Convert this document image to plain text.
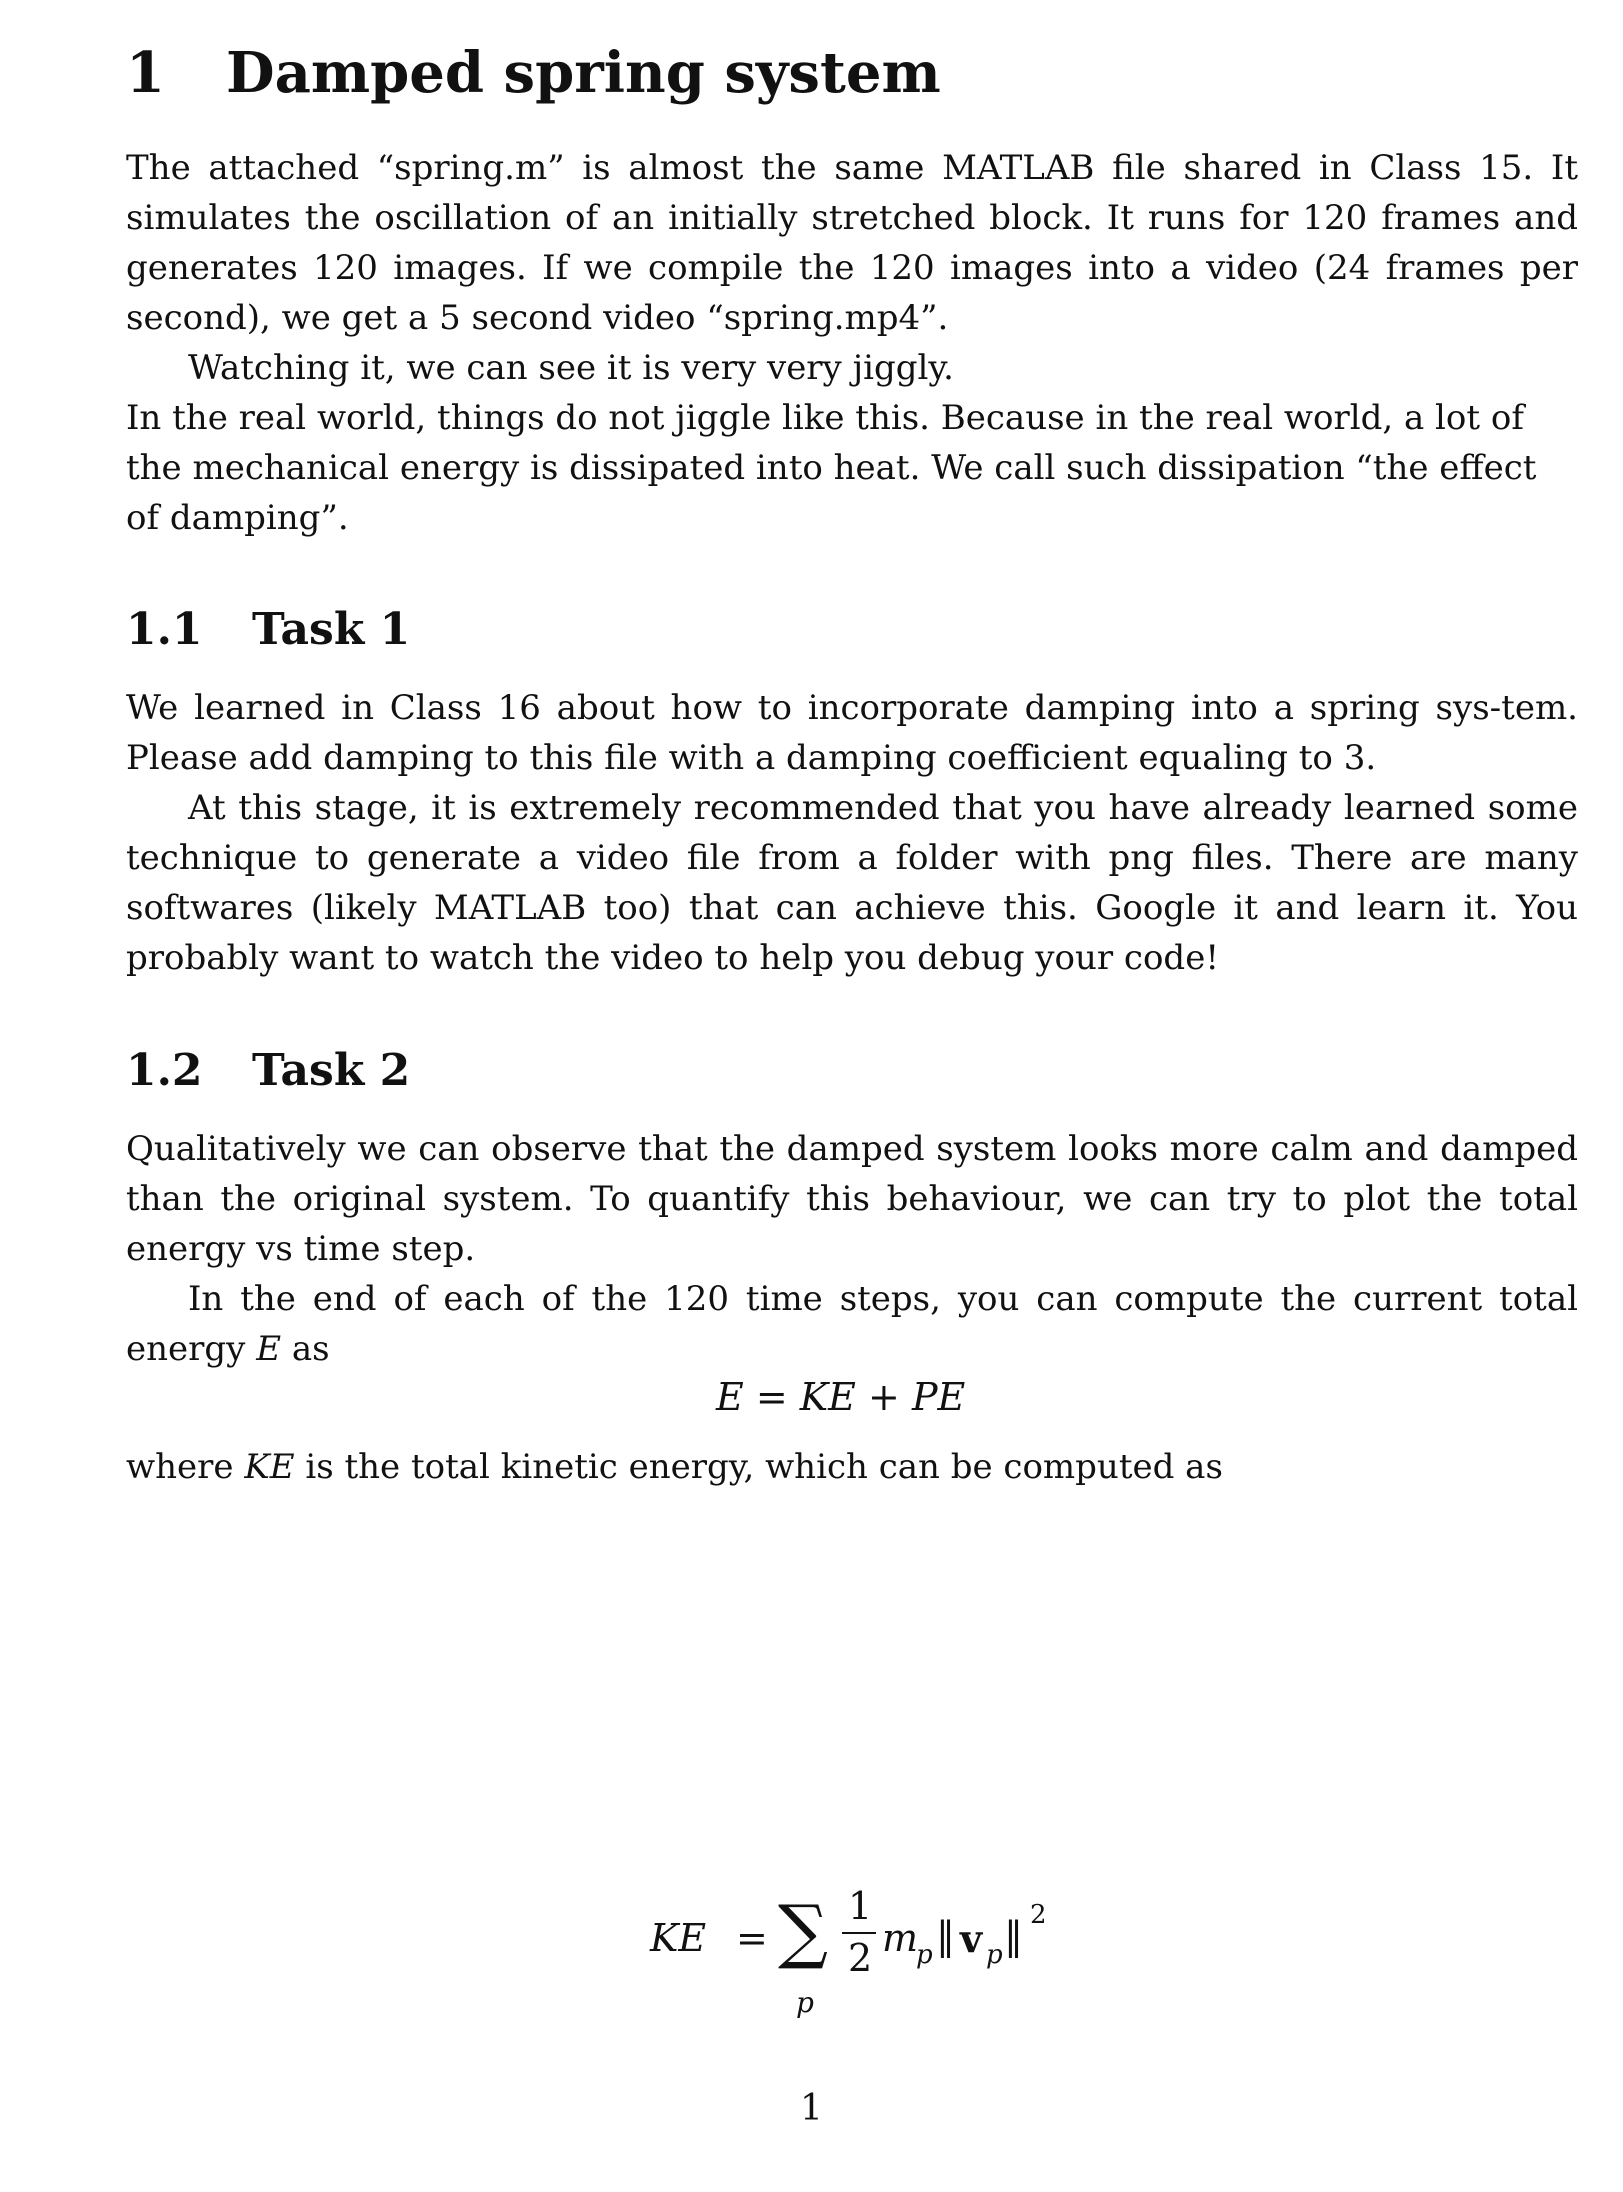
1 Damped spring system

The attached “spring.m” is almost the same MATLAB file shared in Class 15. It simulates the oscillation of an initially stretched block. It runs for 120 frames and generates 120 images. If we compile the 120 images into a video (24 frames per second), we get a 5 second video “spring.mp4”.

Watching it, we can see it is very very jiggly.

In the real world, things do not jiggle like this. Because in the real world, a lot of the mechanical energy is dissipated into heat. We call such dissipation “the effect of damping”.

1.1 Task 1

We learned in Class 16 about how to incorporate damping into a spring sys-tem. Please add damping to this file with a damping coefficient equaling to 3.

At this stage, it is extremely recommended that you have already learned some technique to generate a video file from a folder with png files. There are many softwares (likely MATLAB too) that can achieve this. Google it and learn it. You probably want to watch the video to help you debug your code!

1.2 Task 2

Qualitatively we can observe that the damped system looks more calm and damped than the original system. To quantify this behaviour, we can try to plot the total energy vs time step.

In the end of each of the 120 time steps, you can compute the current total energy E as

E = KE + PE

where KE is the total kinetic energy, which can be computed as

KE = ∑
p
1
2 m
p ‖ v p ‖ 2
1
